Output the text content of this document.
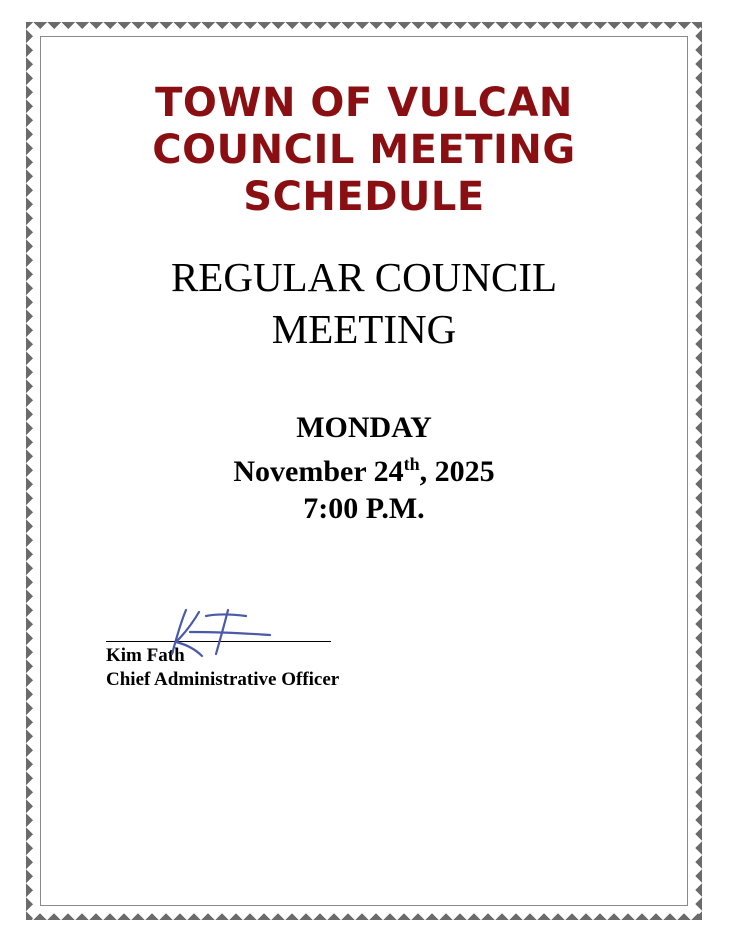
TOWN OF VULCAN
COUNCIL MEETING
SCHEDULE
REGULAR COUNCIL
MEETING
MONDAY
November 24th, 2025
7:00 P.M.
Kim Fath
Chief Administrative Officer
